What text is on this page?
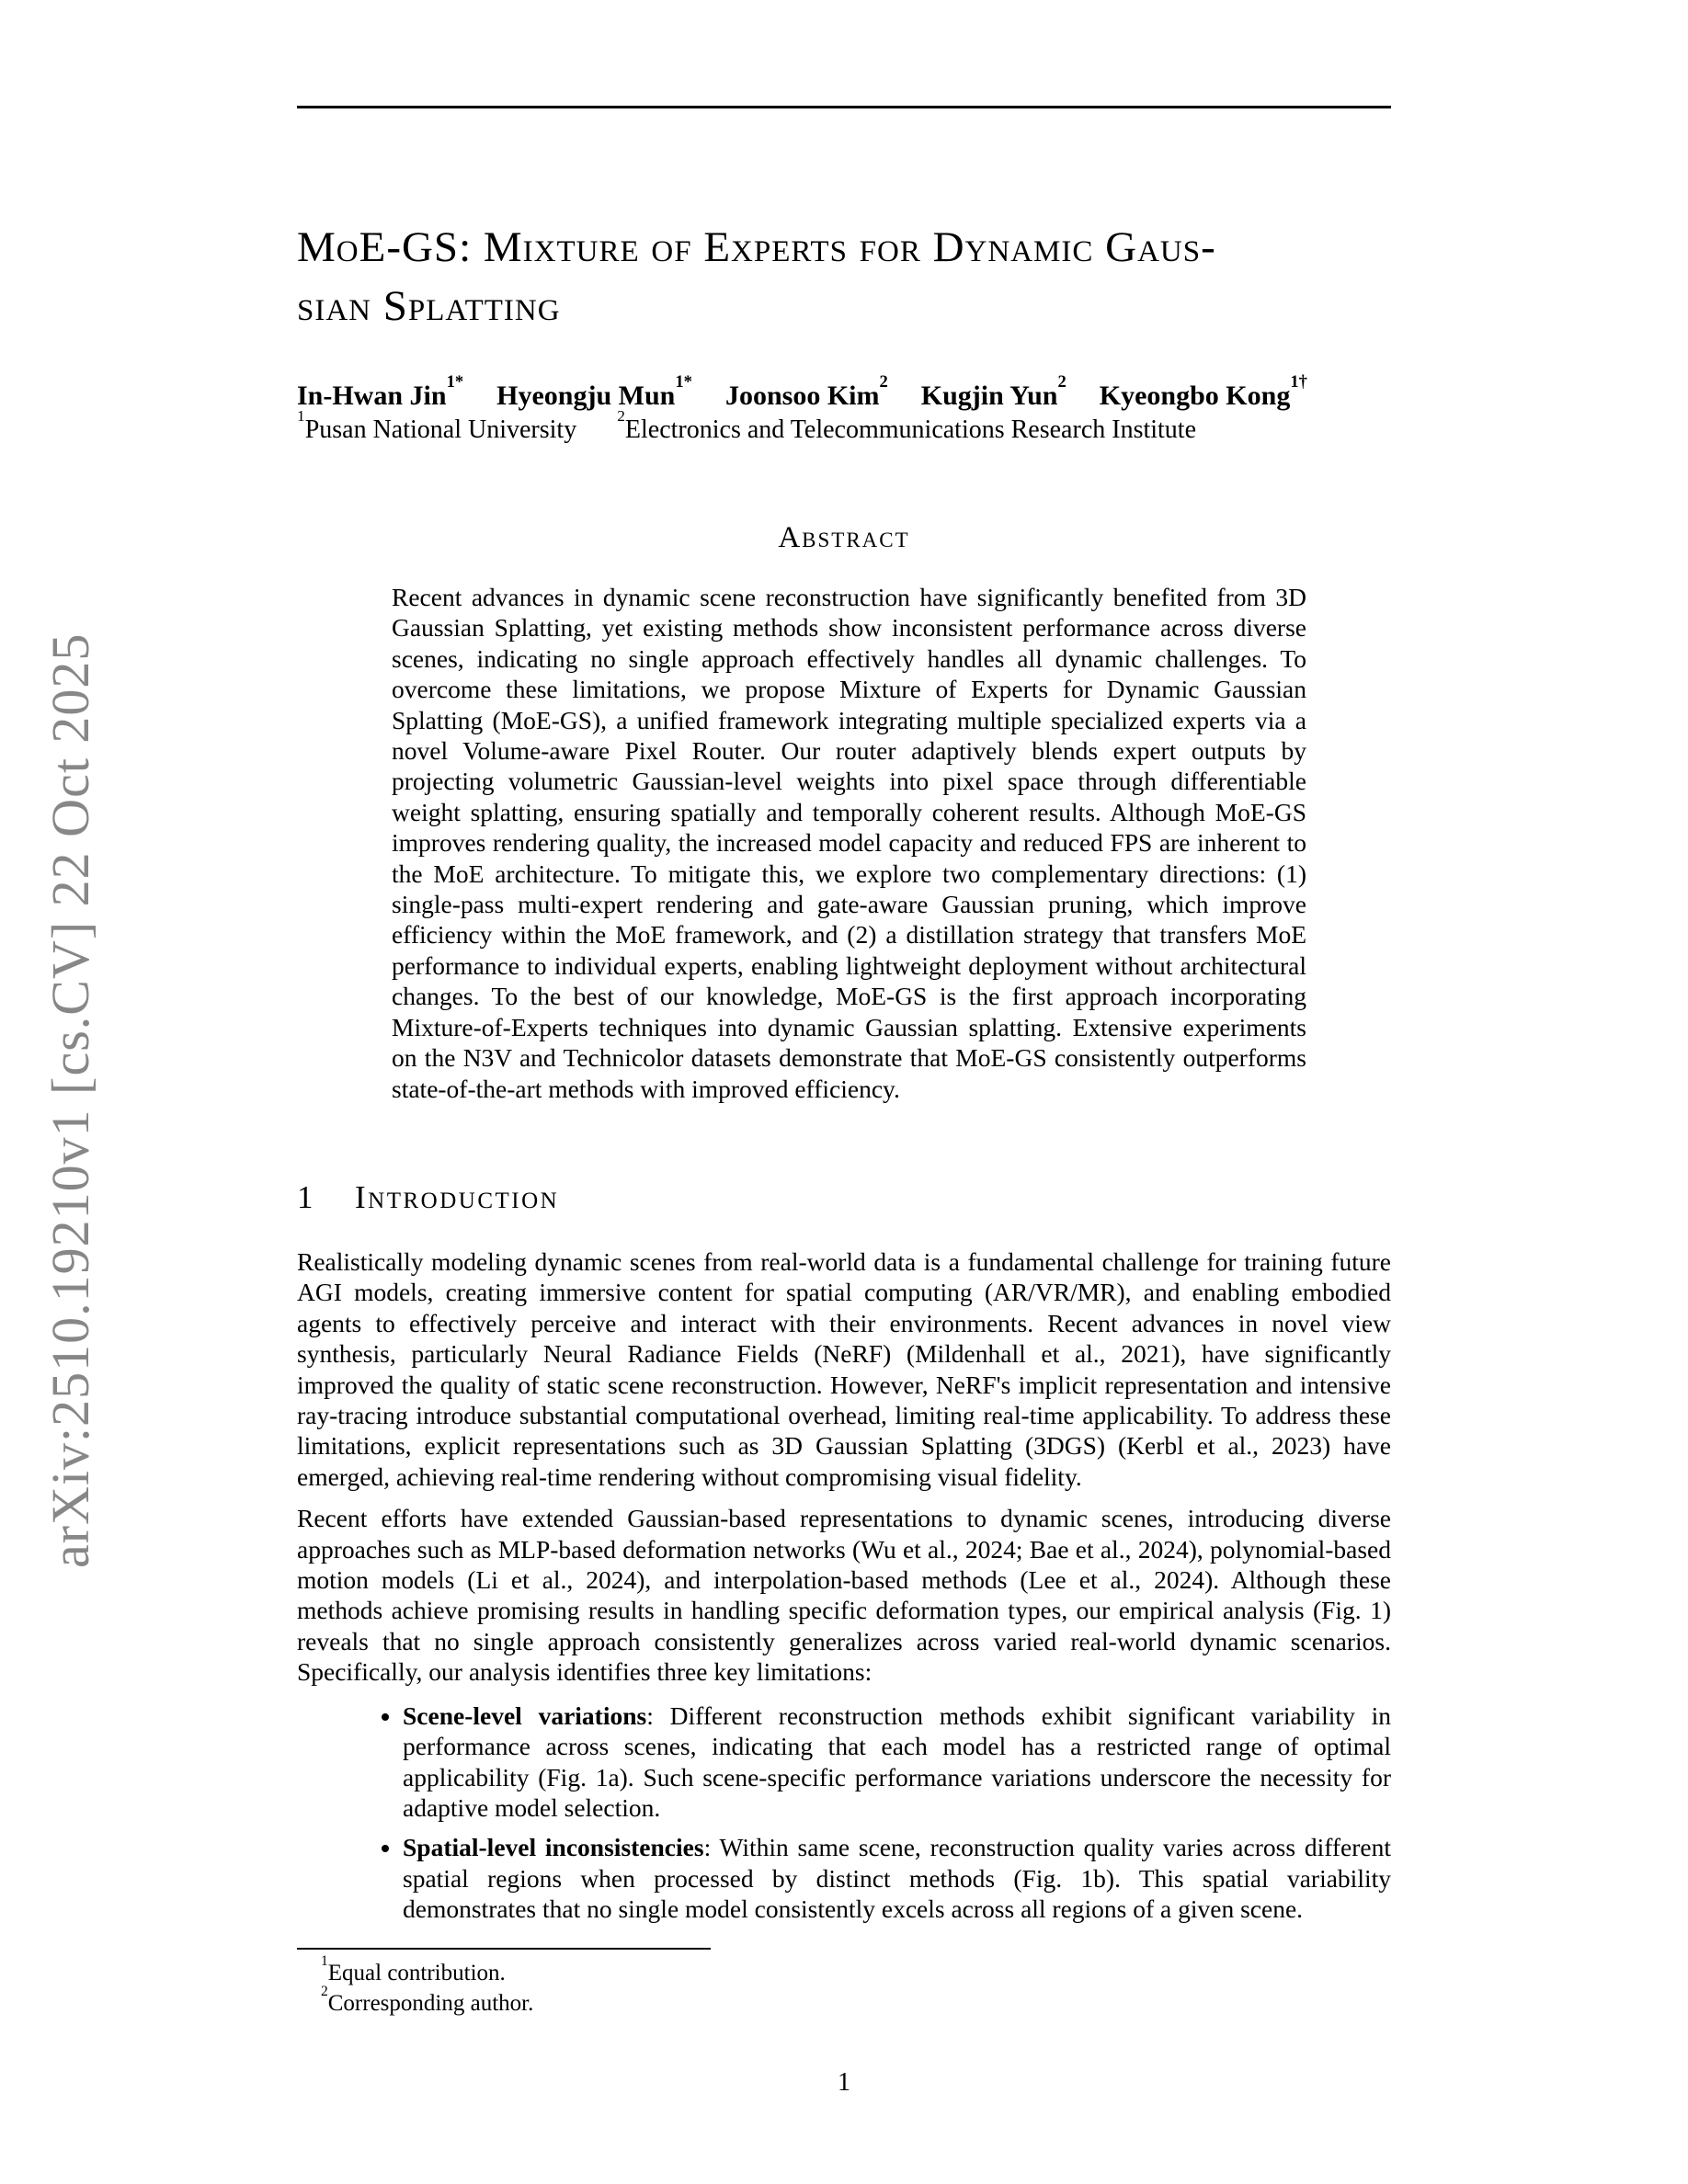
arXiv:2510.19210v1 [cs.CV] 22 Oct 2025
MoE-GS: Mixture of Experts for Dynamic Gaus-
sian Splatting
In-Hwan Jin$^{1*}$ Hyeongju Mun$^{1*}$ Joonsoo Kim$^2$ Kugjin Yun$^2$ Kyeongbo Kong$^{1\dagger}$
$^1$Pusan National University	$^2$Electronics and Telecommunications Research Institute
Abstract
Recent advances in dynamic scene reconstruction have significantly benefited from 3D Gaussian Splatting, yet existing methods show inconsistent performance across diverse scenes, indicating no single approach effectively handles all dynamic challenges. To overcome these limitations, we propose Mixture of Experts for Dynamic Gaussian Splatting (MoE-GS), a unified framework integrating multiple specialized experts via a novel Volume-aware Pixel Router. Our router adaptively blends expert outputs by projecting volumetric Gaussian-level weights into pixel space through differentiable weight splatting, ensuring spatially and temporally coherent results. Although MoE-GS improves rendering quality, the increased model capacity and reduced FPS are inherent to the MoE architecture. To mitigate this, we explore two complementary directions: (1) single-pass multi-expert rendering and gate-aware Gaussian pruning, which improve efficiency within the MoE framework, and (2) a distillation strategy that transfers MoE performance to individual experts, enabling lightweight deployment without architectural changes. To the best of our knowledge, MoE-GS is the first approach incorporating Mixture-of-Experts techniques into dynamic Gaussian splatting. Extensive experiments on the N3V and Technicolor datasets demonstrate that MoE-GS consistently outperforms state-of-the-art methods with improved efficiency.
1 Introduction

Realistically modeling dynamic scenes from real-world data is a fundamental challenge for training future AGI models, creating immersive content for spatial computing (AR/VR/MR), and enabling embodied agents to effectively perceive and interact with their environments. Recent advances in novel view synthesis, particularly Neural Radiance Fields (NeRF) (Mildenhall et al., 2021), have significantly improved the quality of static scene reconstruction. However, NeRF's implicit representation and intensive ray-tracing introduce substantial computational overhead, limiting real-time applicability. To address these limitations, explicit representations such as 3D Gaussian Splatting (3DGS) (Kerbl et al., 2023) have emerged, achieving real-time rendering without compromising visual fidelity.

Recent efforts have extended Gaussian-based representations to dynamic scenes, introducing diverse approaches such as MLP-based deformation networks (Wu et al., 2024; Bae et al., 2024), polynomial-based motion models (Li et al., 2024), and interpolation-based methods (Lee et al., 2024). Although these methods achieve promising results in handling specific deformation types, our empirical analysis (Fig. 1) reveals that no single approach consistently generalizes across varied real-world dynamic scenarios. Specifically, our analysis identifies three key limitations:

• Scene-level variations: Different reconstruction methods exhibit significant variability in performance across scenes, indicating that each model has a restricted range of optimal applicability (Fig. 1a). Such scene-specific performance variations underscore the necessity for adaptive model selection.
• Spatial-level inconsistencies: Within same scene, reconstruction quality varies across different spatial regions when processed by distinct methods (Fig. 1b). This spatial variability demonstrates that no single model consistently excels across all regions of a given scene.
$^1$Equal contribution.
$^2$Corresponding author.
1
